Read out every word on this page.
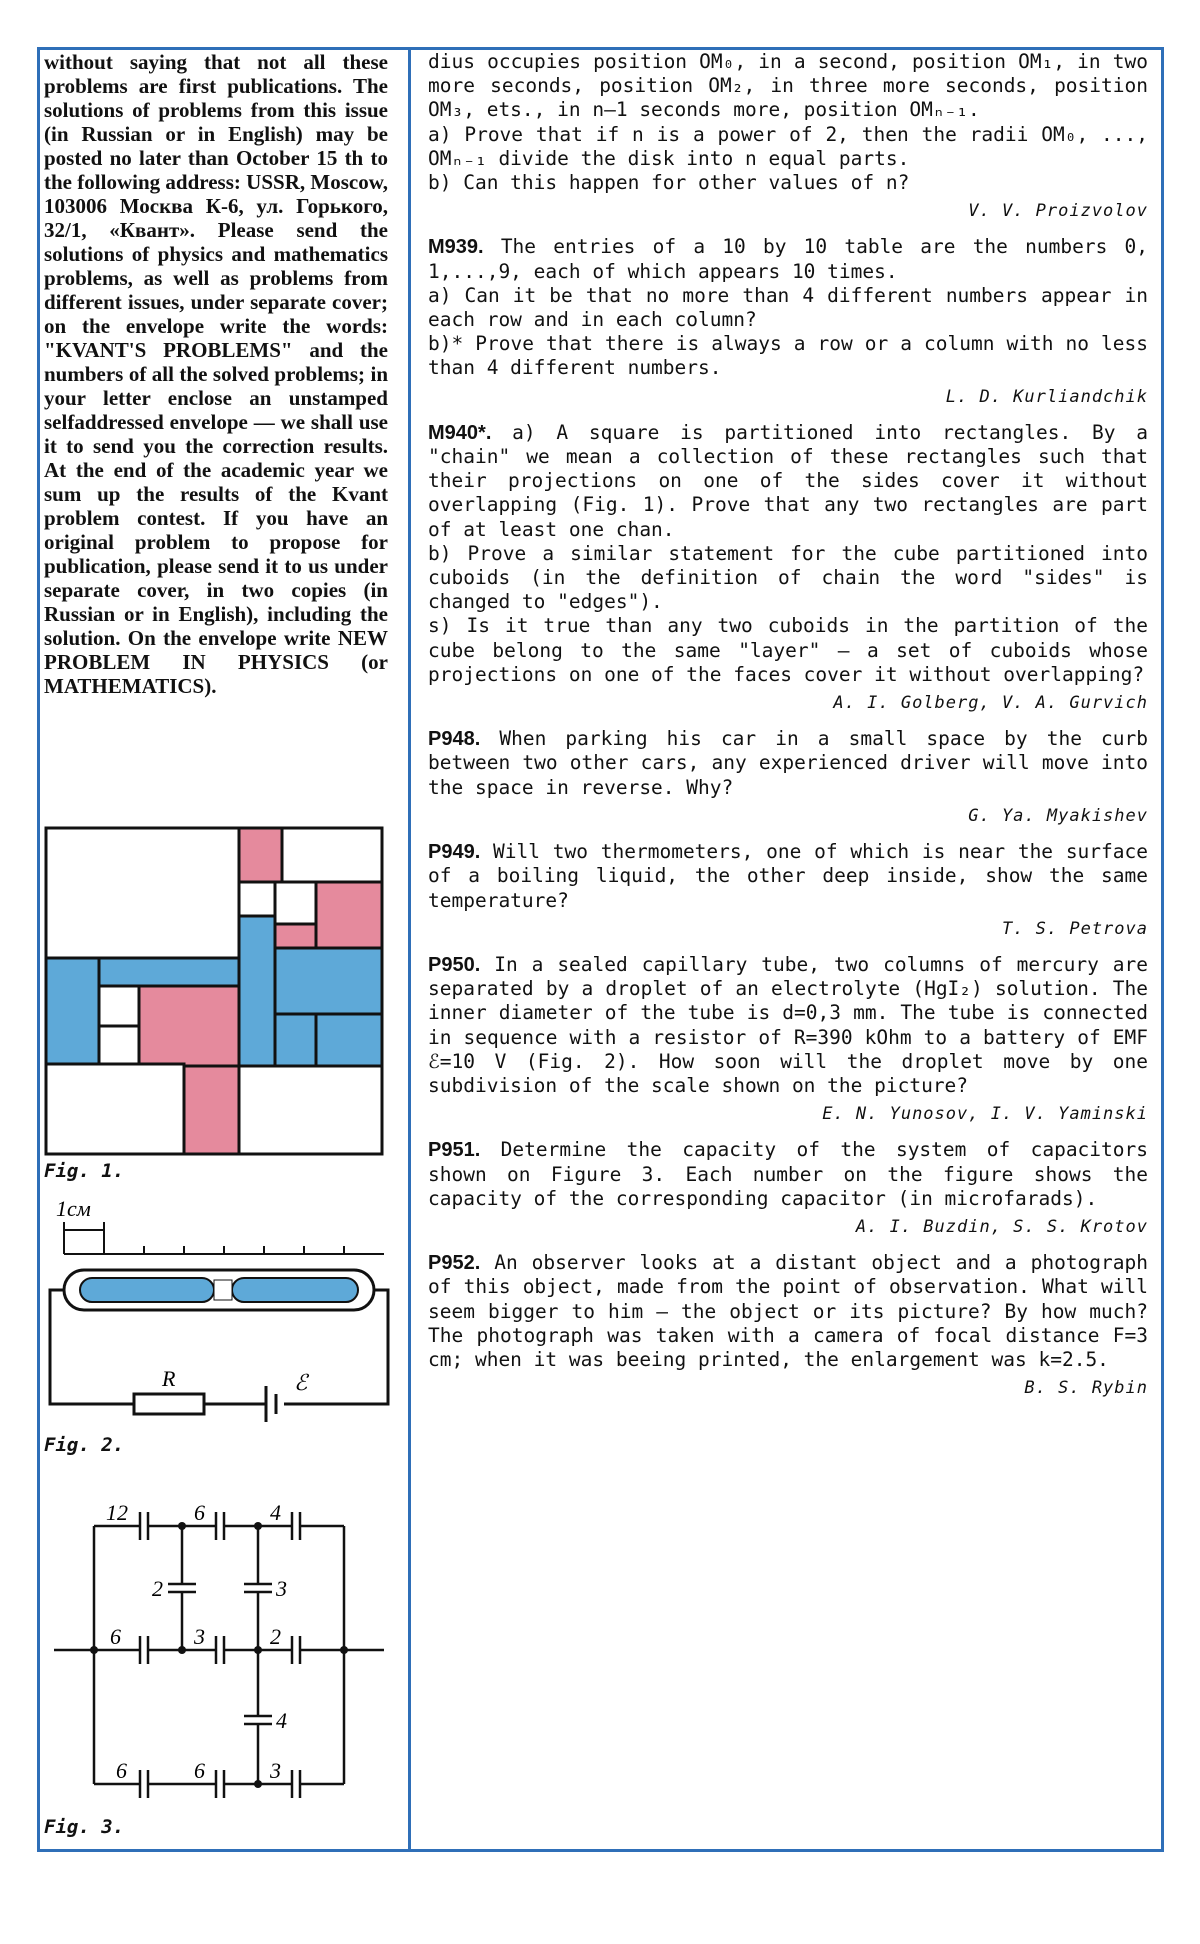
without saying that not all these problems are first publications. The solutions of problems from this issue (in Russian or in English) may be posted no later than October 15 th to the following address: USSR, Moscow, 103006 Москва К-6, ул. Горького, 32/1, «Квант». Please send the solutions of physics and mathematics problems, as well as problems from different issues, under separate cover; on the envelope write the words: "KVANT'S PROBLEMS" and the numbers of all the solved problems; in your letter enclose an unstamped selfaddressed envelope — we shall use it to send you the correction results. At the end of the academic year we sum up the results of the Kvant problem contest. If you have an original problem to propose for publication, please send it to us under separate cover, in two copies (in Russian or in English), including the solution. On the envelope write NEW PROBLEM IN PHYSICS (or MATHEMATICS).

Fig. 1.
1см
R	ℰ
Fig. 2.
12	6	4
2	3
6	3	2
4
6	6	3
Fig. 3.

dius occupies position OM₀, in a second, position OM₁, in two more seconds, position OM₂, in three more seconds, position OM₃, ets., in n—1 seconds more, position OMₙ₋₁.

a) Prove that if n is a power of 2, then the radii OM₀, ..., OMₙ₋₁ divide the disk into n equal parts.

b) Can this happen for other values of n?

V. V. Proizvolov

M939. The entries of a 10 by 10 table are the numbers 0, 1,...,9, each of which appears 10 times.

a) Can it be that no more than 4 different numbers appear in each row and in each column?

b)* Prove that there is always a row or a column with no less than 4 different numbers.

L. D. Kurliandchik

M940*. a) A square is partitioned into rectangles. By a "chain" we mean a collection of these rectangles such that their projections on one of the sides cover it without overlapping (Fig. 1). Prove that any two rectangles are part of at least one chan.

b) Prove a similar statement for the cube partitioned into cuboids (in the definition of chain the word "sides" is changed to "edges").

s) Is it true than any two cuboids in the partition of the cube belong to the same "layer" — a set of cuboids whose projections on one of the faces cover it without overlapping?

A. I. Golberg, V. A. Gurvich

P948. When parking his car in a small space by the curb between two other cars, any experienced driver will move into the space in reverse. Why?

G. Ya. Myakishev

P949. Will two thermometers, one of which is near the surface of a boiling liquid, the other deep inside, show the same temperature?

T. S. Petrova

P950. In a sealed capillary tube, two columns of mercury are separated by a droplet of an electrolyte (HgI₂) solution. The inner diameter of the tube is d=0,3 mm. The tube is connected in sequence with a resistor of R=390 kOhm to a battery of EMF ℰ=10 V (Fig. 2). How soon will the droplet move by one subdivision of the scale shown on the picture?

E. N. Yunosov, I. V. Yaminski

P951. Determine the capacity of the system of capacitors shown on Figure 3. Each number on the figure shows the capacity of the corresponding capacitor (in microfarads).

A. I. Buzdin, S. S. Krotov

P952. An observer looks at a distant object and a photograph of this object, made from the point of observation. What will seem bigger to him — the object or its picture? By how much? The photograph was taken with a camera of focal distance F=3 cm; when it was beeing printed, the enlargement was k=2.5.

B. S. Rybin
